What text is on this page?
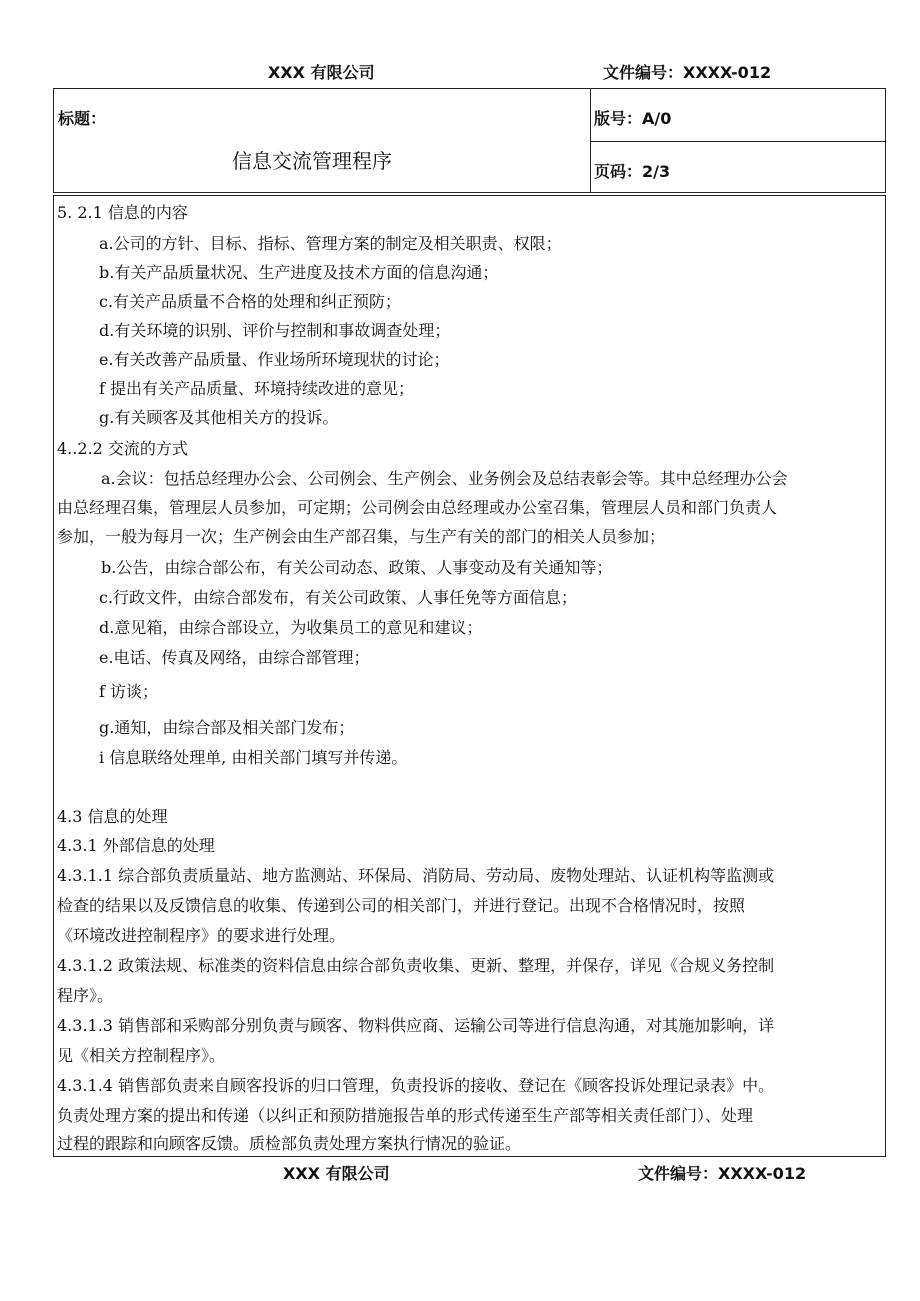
XXX 有限公司	文件编号：XXXX-012
标题：
信息交流管理程序
版号：A/0
页码：2/3
5. 2.1 信息的内容
a.公司的方针、目标、指标、管理方案的制定及相关职责、权限；
b.有关产品质量状况、生产进度及技术方面的信息沟通；
c.有关产品质量不合格的处理和纠正预防；
d.有关环境的识别、评价与控制和事故调查处理；
e.有关改善产品质量、作业场所环境现状的讨论；
f 提出有关产品质量、环境持续改进的意见；
g.有关顾客及其他相关方的投诉。
4..2.2 交流的方式
a.会议：包括总经理办公会、公司例会、生产例会、业务例会及总结表彰会等。其中总经理办公会
由总经理召集，管理层人员参加，可定期；公司例会由总经理或办公室召集，管理层人员和部门负责人
参加，一般为每月一次；生产例会由生产部召集，与生产有关的部门的相关人员参加；
b.公告，由综合部公布，有关公司动态、政策、人事变动及有关通知等；
c.行政文件，由综合部发布，有关公司政策、人事任免等方面信息；
d.意见箱，由综合部设立，为收集员工的意见和建议；
e.电话、传真及网络，由综合部管理；
f 访谈；
g.通知，由综合部及相关部门发布；
i 信息联络处理单, 由相关部门填写并传递。
4.3 信息的处理
4.3.1 外部信息的处理
4.3.1.1 综合部负责质量站、地方监测站、环保局、消防局、劳动局、废物处理站、认证机构等监测或
检查的结果以及反馈信息的收集、传递到公司的相关部门，并进行登记。出现不合格情况时，按照
《环境改进控制程序》的要求进行处理。
4.3.1.2 政策法规、标准类的资料信息由综合部负责收集、更新、整理，并保存，详见《合规义务控制
程序》。
4.3.1.3 销售部和采购部分别负责与顾客、物料供应商、运输公司等进行信息沟通，对其施加影响，详
见《相关方控制程序》。
4.3.1.4 销售部负责来自顾客投诉的归口管理，负责投诉的接收、登记在《顾客投诉处理记录表》中。
负责处理方案的提出和传递（以纠正和预防措施报告单的形式传递至生产部等相关责任部门）、处理
过程的跟踪和向顾客反馈。质检部负责处理方案执行情况的验证。
XXX 有限公司	文件编号：XXXX-012
